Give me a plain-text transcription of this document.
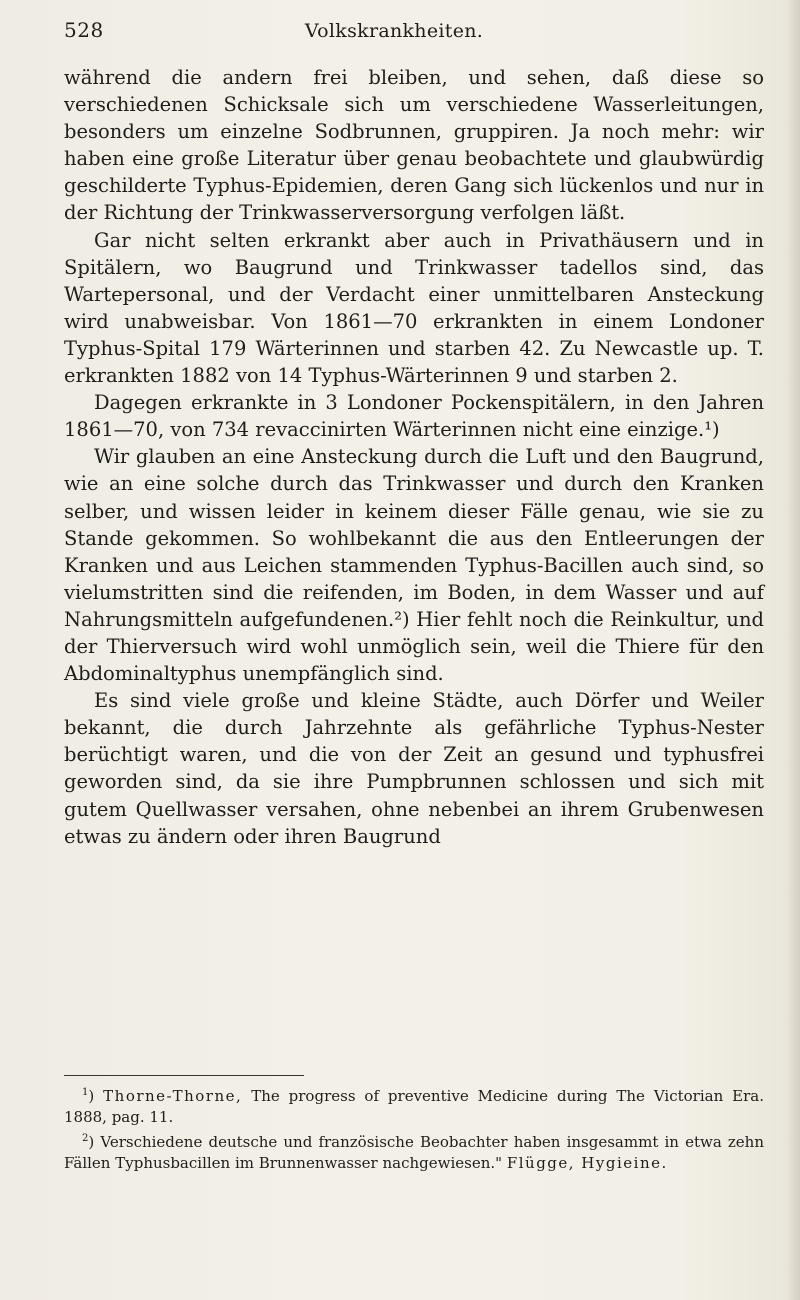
528	Volkskrankheiten.

während die andern frei bleiben, und sehen, daß diese so verschiedenen Schicksale sich um verschiedene Wasserleitungen, besonders um einzelne Sodbrunnen, gruppiren. Ja noch mehr: wir haben eine große Literatur über genau beobachtete und glaubwürdig geschilderte Typhus-Epidemien, deren Gang sich lückenlos und nur in der Richtung der Trinkwasserversorgung verfolgen läßt.

Gar nicht selten erkrankt aber auch in Privathäusern und in Spitälern, wo Baugrund und Trinkwasser tadellos sind, das Wartepersonal, und der Verdacht einer unmittelbaren Ansteckung wird unabweisbar. Von 1861—70 erkrankten in einem Londoner Typhus-Spital 179 Wärterinnen und starben 42. Zu Newcastle up. T. erkrankten 1882 von 14 Typhus-Wärterinnen 9 und starben 2.

Dagegen erkrankte in 3 Londoner Pockenspitälern, in den Jahren 1861—70, von 734 revaccinirten Wärterinnen nicht eine einzige.¹)

Wir glauben an eine Ansteckung durch die Luft und den Baugrund, wie an eine solche durch das Trinkwasser und durch den Kranken selber, und wissen leider in keinem dieser Fälle genau, wie sie zu Stande gekommen. So wohlbekannt die aus den Entleerungen der Kranken und aus Leichen stammenden Typhus-Bacillen auch sind, so vielumstritten sind die reifenden, im Boden, in dem Wasser und auf Nahrungsmitteln aufgefundenen.²) Hier fehlt noch die Reinkultur, und der Thierversuch wird wohl unmöglich sein, weil die Thiere für den Abdominaltyphus unempfänglich sind.

Es sind viele große und kleine Städte, auch Dörfer und Weiler bekannt, die durch Jahrzehnte als gefährliche Typhus-Nester berüchtigt waren, und die von der Zeit an gesund und typhusfrei geworden sind, da sie ihre Pumpbrunnen schlossen und sich mit gutem Quellwasser versahen, ohne nebenbei an ihrem Grubenwesen etwas zu ändern oder ihren Baugrund

$^1$) Thorne-Thorne, The progress of preventive Medicine during The Victorian Era. 1888, pag. 11.

$^2$) Verschiedene deutsche und französische Beobachter haben insgesammt in etwa zehn Fällen Typhusbacillen im Brunnenwasser nachgewiesen." Flügge, Hygieine.
